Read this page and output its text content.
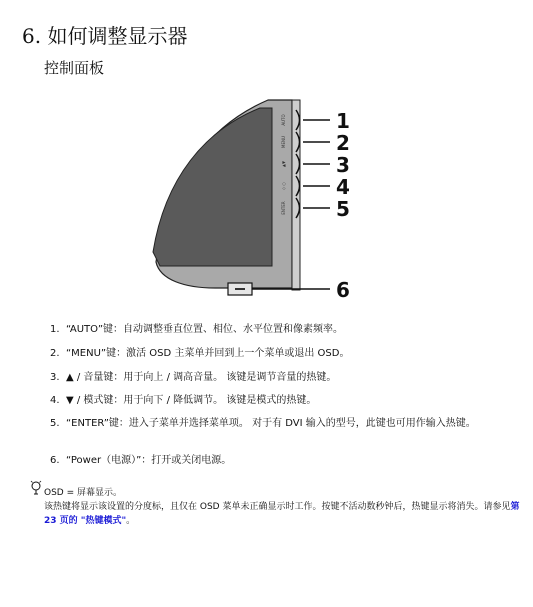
6. 如何调整显示器
控制面板
AUTO
MENU
▲▼
◇ ○
ENTER
1
2
3
4
5
6
1. “AUTO”键：自动调整垂直位置、相位、水平位置和像素频率。
2. “MENU”键：激活 OSD 主菜单并回到上一个菜单或退出 OSD。
3. ▲ / 音量键：用于向上 / 调高音量。 该键是调节音量的热键。
4. ▼ / 模式键：用于向下 / 降低调节。 该键是模式的热键。
5. “ENTER”键：进入子菜单并选择菜单项。 对于有 DVI 输入的型号，此键也可用作输入热键。
6. “Power（电源）”：打开或关闭电源。
OSD = 屏幕显示。
该热键将显示该设置的分度标，且仅在 OSD 菜单未正确显示时工作。按键不活动数秒钟后，热键显示将消失。请参见第 23 页的 "热键模式"。
